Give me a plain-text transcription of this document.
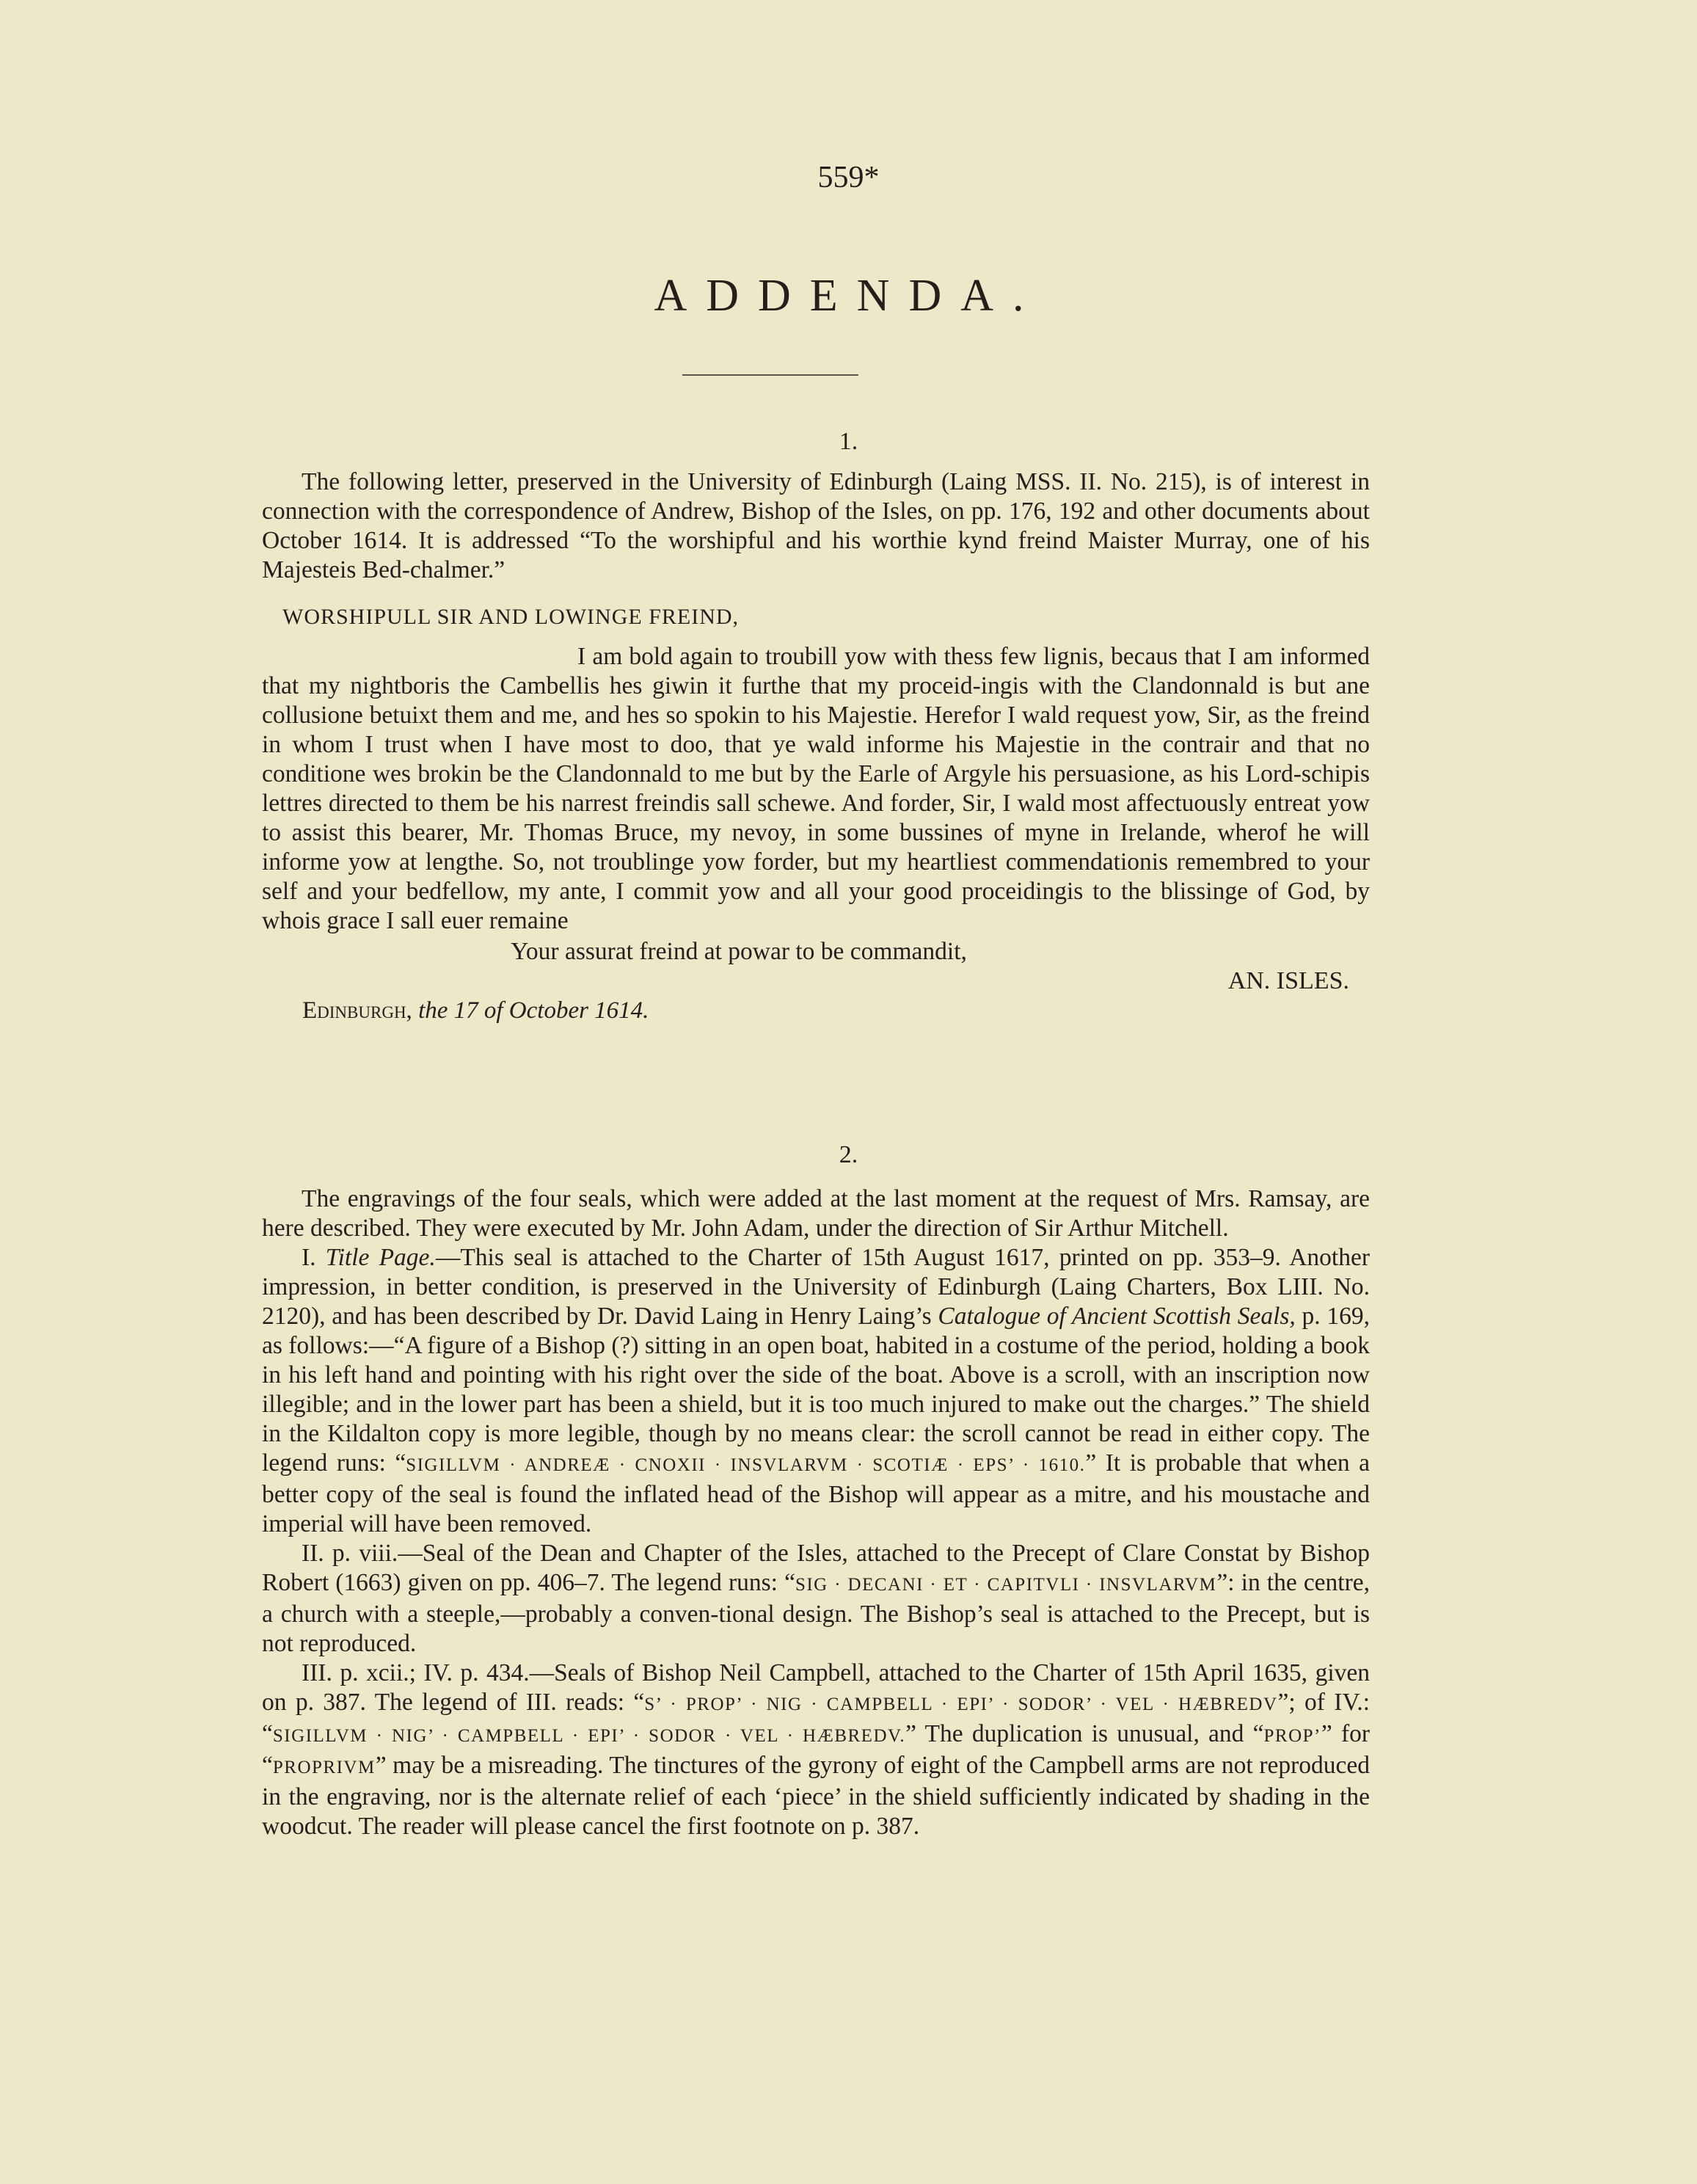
559*
ADDENDA.
1.

The following letter, preserved in the University of Edinburgh (Laing MSS. II. No. 215), is of interest in connection with the correspondence of Andrew, Bishop of the Isles, on pp. 176, 192 and other documents about October 1614. It is addressed “To the worshipful and his worthie kynd freind Maister Murray, one of his Majesteis Bed-chalmer.”

WORSHIPULL SIR AND LOWINGE FREIND,

I am bold again to troubill yow with thess few lignis, becaus that I am informed that my nightboris the Cambellis hes giwin it furthe that my proceid-ingis with the Clandonnald is but ane collusione betuixt them and me, and hes so spokin to his Majestie. Herefor I wald request yow, Sir, as the freind in whom I trust when I have most to doo, that ye wald informe his Majestie in the contrair and that no conditione wes brokin be the Clandonnald to me but by the Earle of Argyle his persuasione, as his Lord-schipis lettres directed to them be his narrest freindis sall schewe. And forder, Sir, I wald most affectuously entreat yow to assist this bearer, Mr. Thomas Bruce, my nevoy, in some bussines of myne in Irelande, wherof he will informe yow at lengthe. So, not troublinge yow forder, but my heartliest commendationis remembred to your self and your bedfellow, my ante, I commit yow and all your good proceidingis to the blissinge of God, by whois grace I sall euer remaine

Your assurat freind at powar to be commandit,

AN. ISLES.

Edinburgh, the 17 of October 1614.

2.

The engravings of the four seals, which were added at the last moment at the request of Mrs. Ramsay, are here described. They were executed by Mr. John Adam, under the direction of Sir Arthur Mitchell.

I. Title Page.—This seal is attached to the Charter of 15th August 1617, printed on pp. 353–9. Another impression, in better condition, is preserved in the University of Edinburgh (Laing Charters, Box LIII. No. 2120), and has been described by Dr. David Laing in Henry Laing’s Catalogue of Ancient Scottish Seals, p. 169, as follows:—“A figure of a Bishop (?) sitting in an open boat, habited in a costume of the period, holding a book in his left hand and pointing with his right over the side of the boat. Above is a scroll, with an inscription now illegible; and in the lower part has been a shield, but it is too much injured to make out the charges.” The shield in the Kildalton copy is more legible, though by no means clear: the scroll cannot be read in either copy. The legend runs: “SIGILLVM · ANDREÆ · CNOXII · INSVLARVM · SCOTIÆ · EPS’ · 1610.” It is probable that when a better copy of the seal is found the inflated head of the Bishop will appear as a mitre, and his moustache and imperial will have been removed.

II. p. viii.—Seal of the Dean and Chapter of the Isles, attached to the Precept of Clare Constat by Bishop Robert (1663) given on pp. 406–7. The legend runs: “SIG · DECANI · ET · CAPITVLI · INSVLARVM”: in the centre, a church with a steeple,—probably a conven-tional design. The Bishop’s seal is attached to the Precept, but is not reproduced.

III. p. xcii.; IV. p. 434.—Seals of Bishop Neil Campbell, attached to the Charter of 15th April 1635, given on p. 387. The legend of III. reads: “S’ · PROP’ · NIG · CAMPBELL · EPI’ · SODOR’ · VEL · HÆBREDV”; of IV.: “SIGILLVM · NIG’ · CAMPBELL · EPI’ · SODOR · VEL · HÆBREDV.” The duplication is unusual, and “PROP’” for “PROPRIVM” may be a misreading. The tinctures of the gyrony of eight of the Campbell arms are not reproduced in the engraving, nor is the alternate relief of each ‘piece’ in the shield sufficiently indicated by shading in the woodcut. The reader will please cancel the first footnote on p. 387.
